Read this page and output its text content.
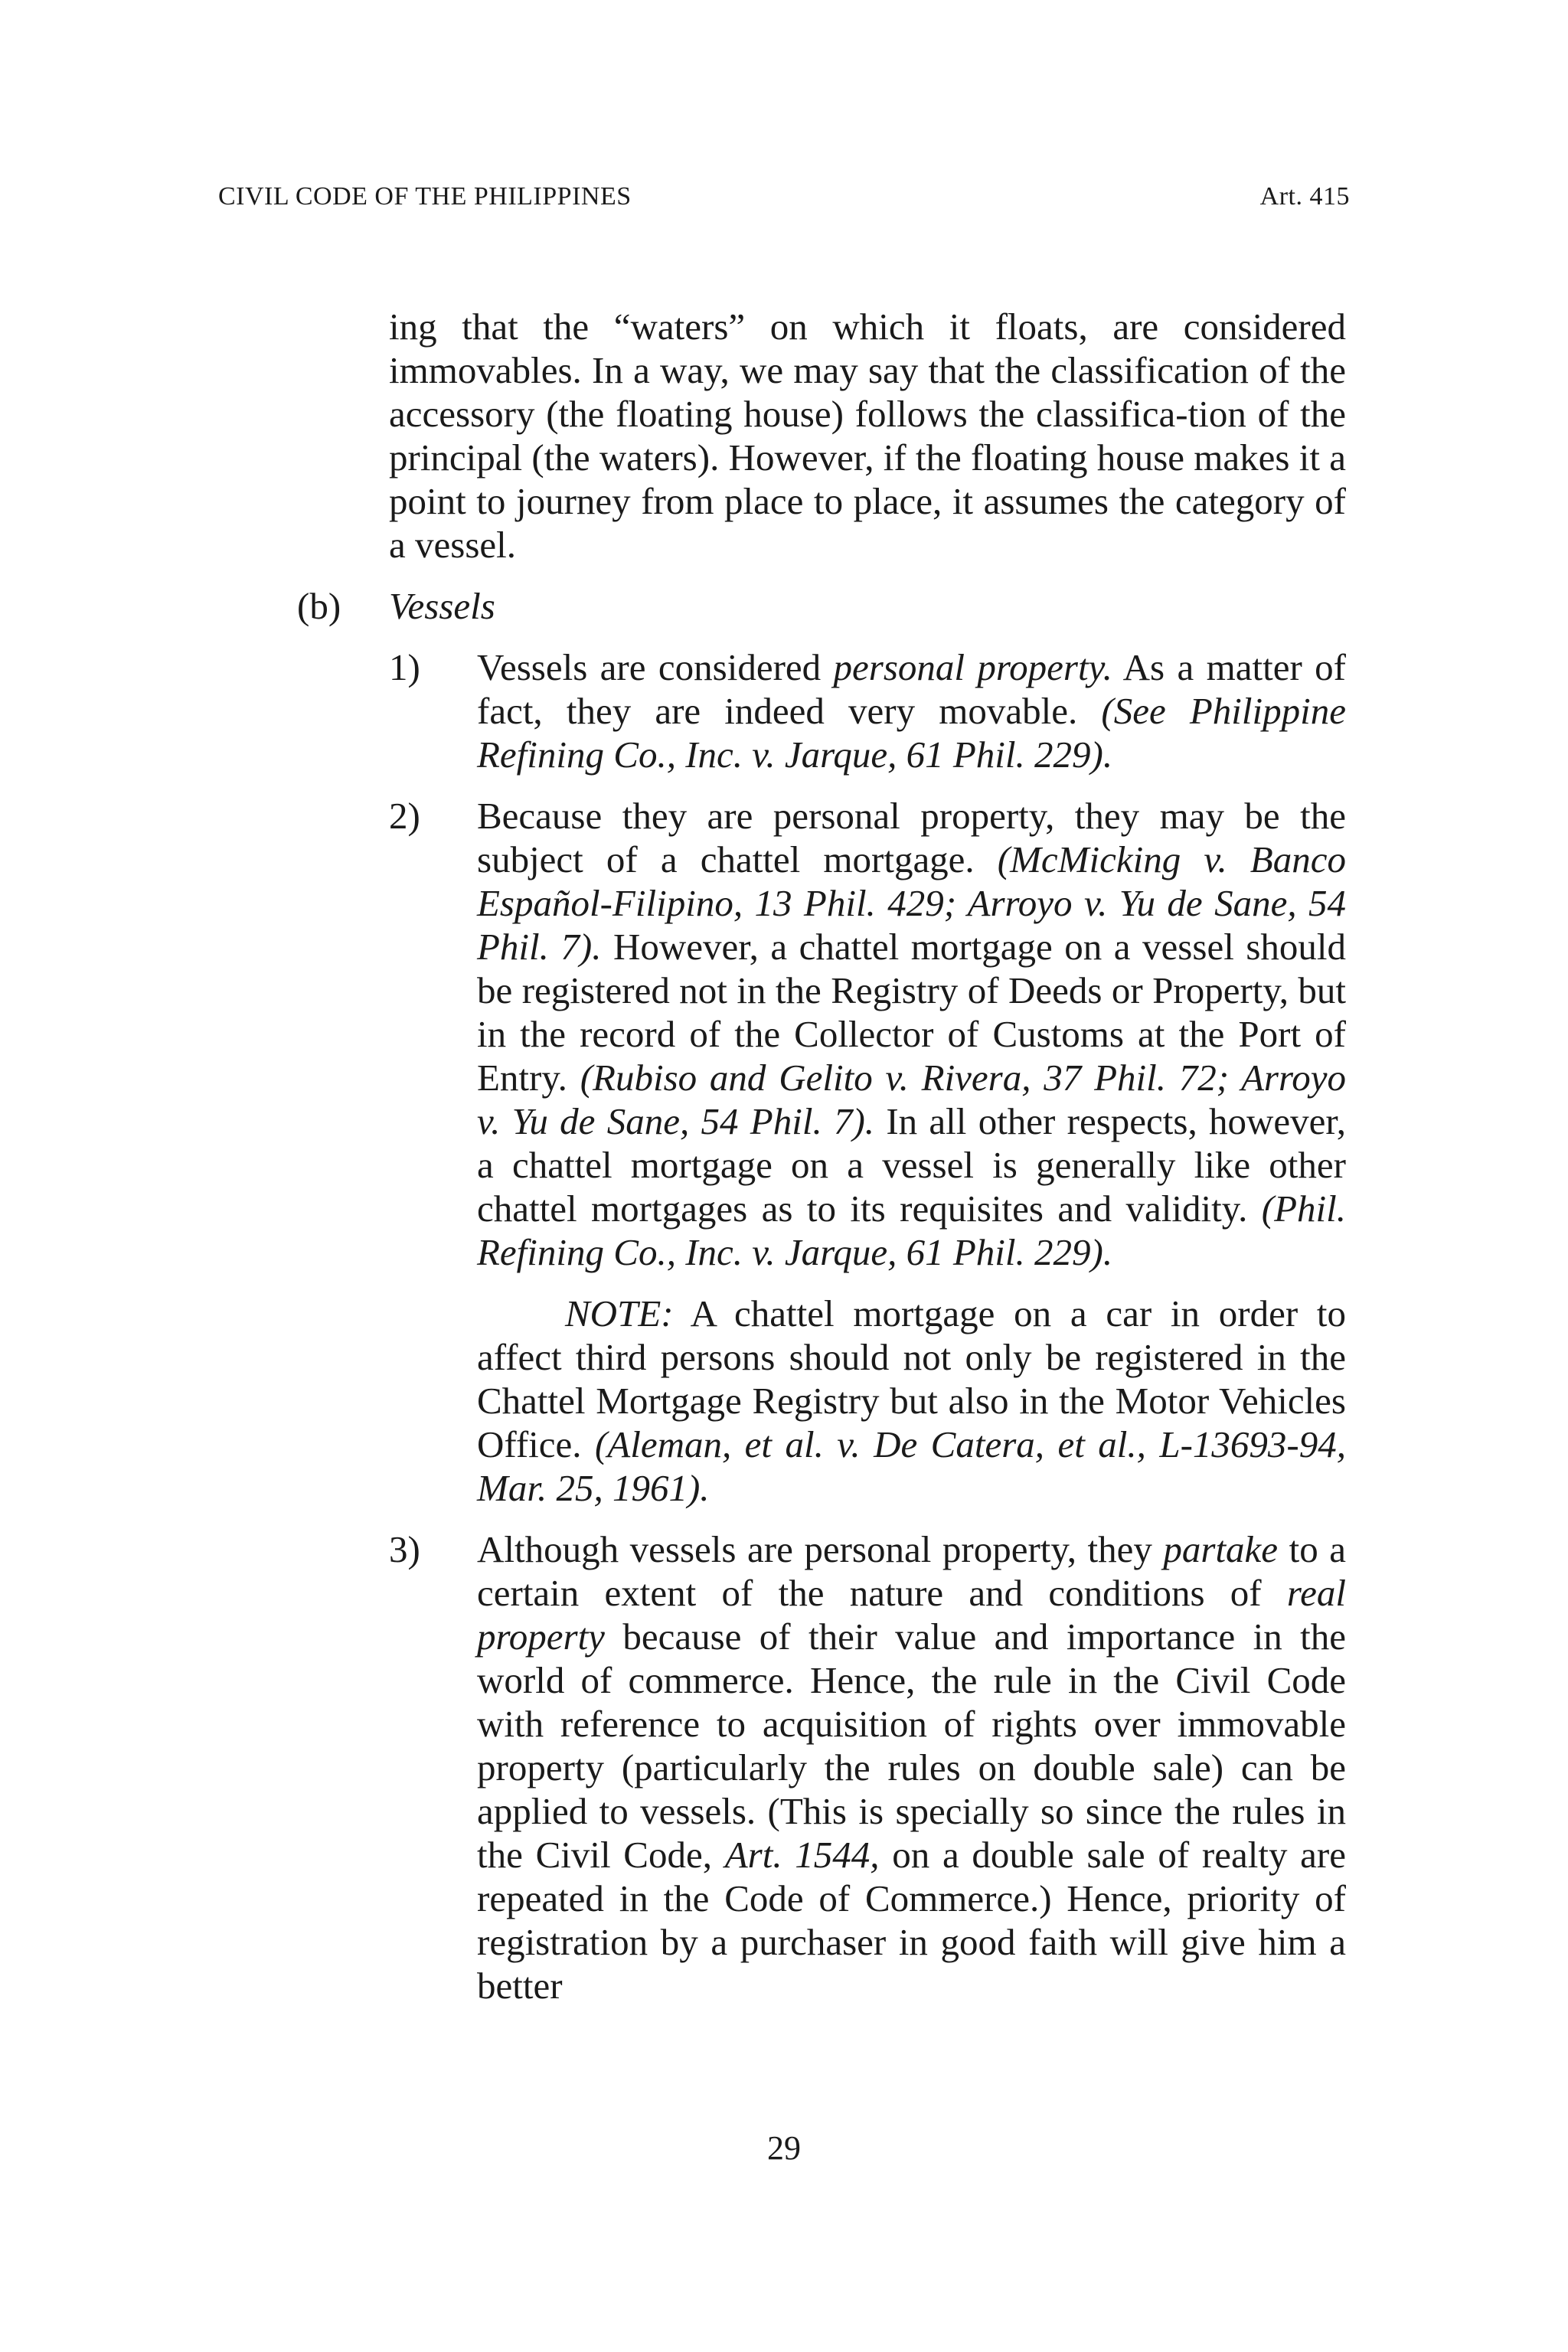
CIVIL CODE OF THE PHILIPPINES	Art. 415

ing that the “waters” on which it floats, are considered immovables. In a way, we may say that the classification of the accessory (the floating house) follows the classifica-tion of the principal (the waters). However, if the floating house makes it a point to journey from place to place, it assumes the category of a vessel.

(b) Vessels
1) Vessels are considered personal property. As a matter of fact, they are indeed very movable. (See Philippine Refining Co., Inc. v. Jarque, 61 Phil. 229).

2) Because they are personal property, they may be the subject of a chattel mortgage. (McMicking v. Banco Español-Filipino, 13 Phil. 429; Arroyo v. Yu de Sane, 54 Phil. 7). However, a chattel mortgage on a vessel should be registered not in the Registry of Deeds or Property, but in the record of the Collector of Customs at the Port of Entry. (Rubiso and Gelito v. Rivera, 37 Phil. 72; Arroyo v. Yu de Sane, 54 Phil. 7). In all other respects, however, a chattel mortgage on a vessel is generally like other chattel mortgages as to its requisites and validity. (Phil. Refining Co., Inc. v. Jarque, 61 Phil. 229).

NOTE: A chattel mortgage on a car in order to affect third persons should not only be registered in the Chattel Mortgage Registry but also in the Motor Vehicles Office. (Aleman, et al. v. De Catera, et al., L-13693-94, Mar. 25, 1961).

3) Although vessels are personal property, they partake to a certain extent of the nature and conditions of real property because of their value and importance in the world of commerce. Hence, the rule in the Civil Code with reference to acquisition of rights over immovable property (particularly the rules on double sale) can be applied to vessels. (This is specially so since the rules in the Civil Code, Art. 1544, on a double sale of realty are repeated in the Code of Commerce.) Hence, priority of registration by a purchaser in good faith will give him a better

29
